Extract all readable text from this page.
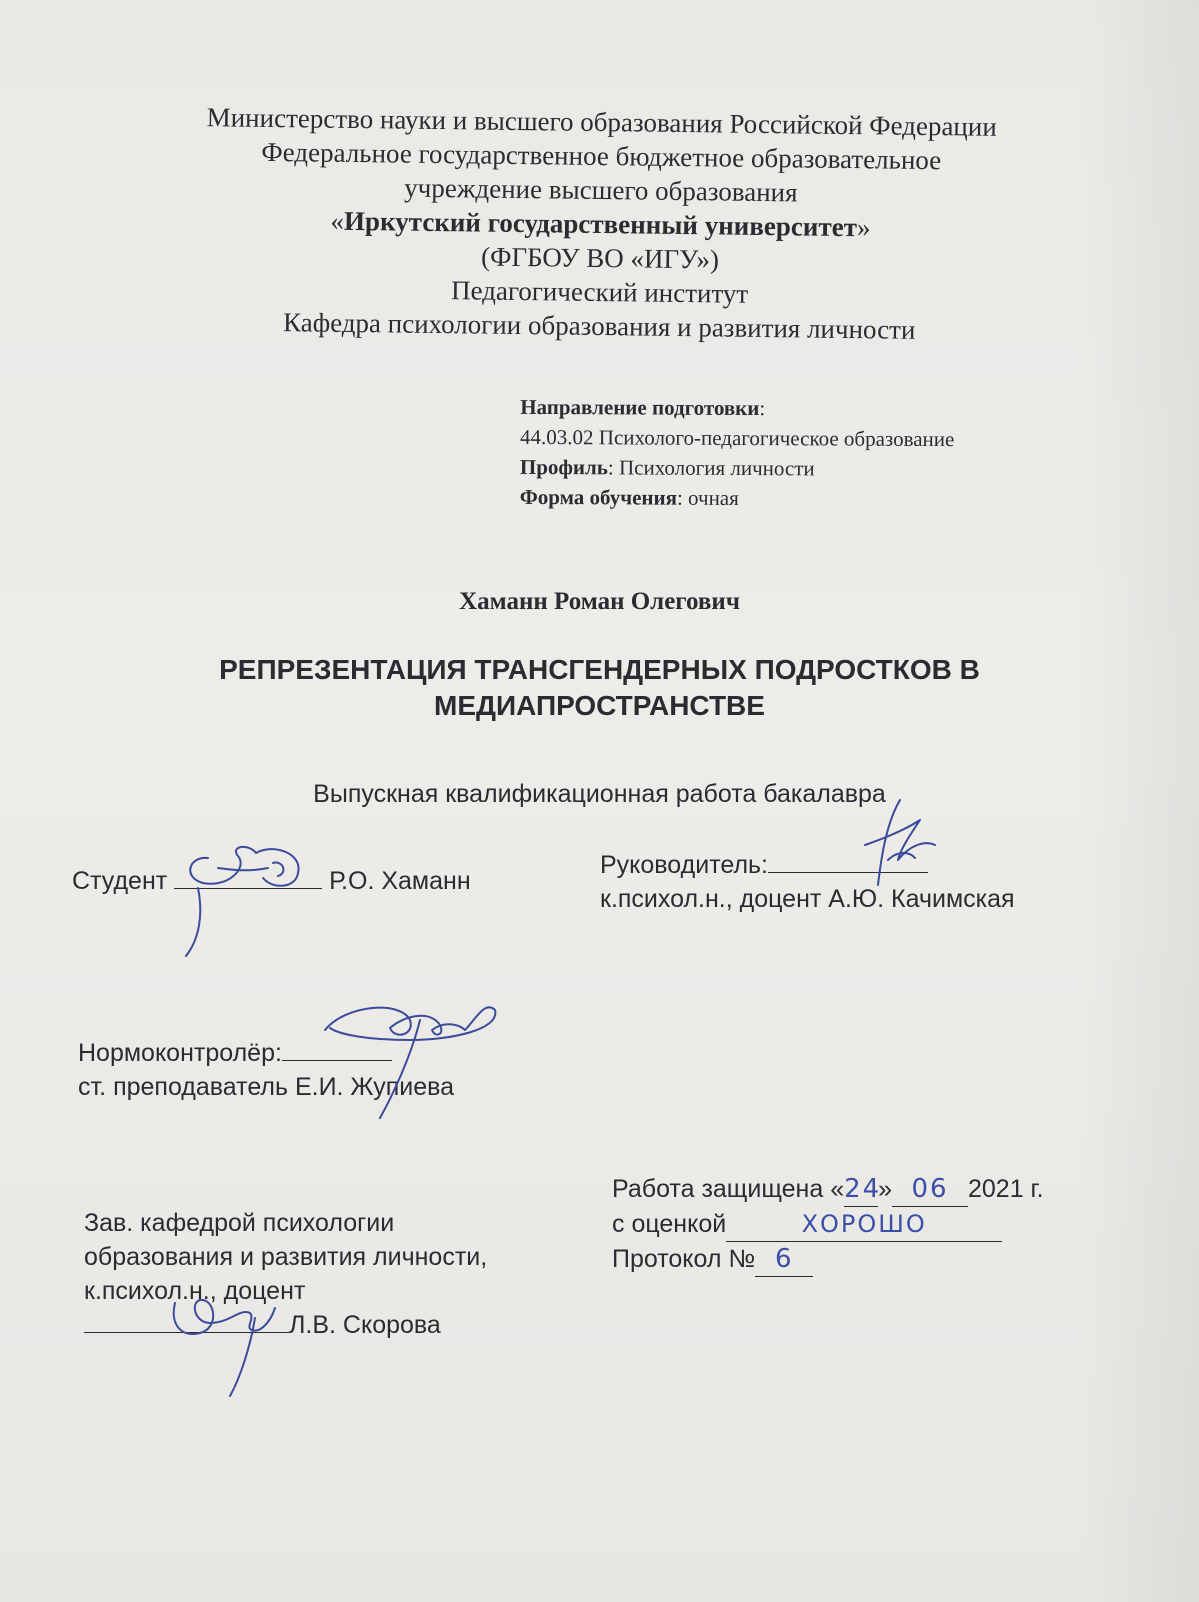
Министерство науки и высшего образования Российской Федерации
Федеральное государственное бюджетное образовательное
учреждение высшего образования
«Иркутский государственный университет»
(ФГБОУ ВО «ИГУ»)
Педагогический институт
Кафедра психологии образования и развития личности
Направление подготовки:
44.03.02 Психолого-педагогическое образование
Профиль: Психология личности
Форма обучения: очная
Хаманн Роман Олегович
РЕПРЕЗЕНТАЦИЯ ТРАНСГЕНДЕРНЫХ ПОДРОСТКОВ В
МЕДИАПРОСТРАНСТВЕ
Выпускная квалификационная работа бакалавра
Студент	Р.О. Хаманн
Руководитель:
к.психол.н., доцент А.Ю. Качимская
Нормоконтролёр:
ст. преподаватель Е.И. Жупиева
Зав. кафедрой психологии
образования и развития личности,
к.психол.н., доцент
Л.В. Скорова
Работа защищена «24» 06 2021 г.
с оценкой	ХОРОШО
Протокол № 6
